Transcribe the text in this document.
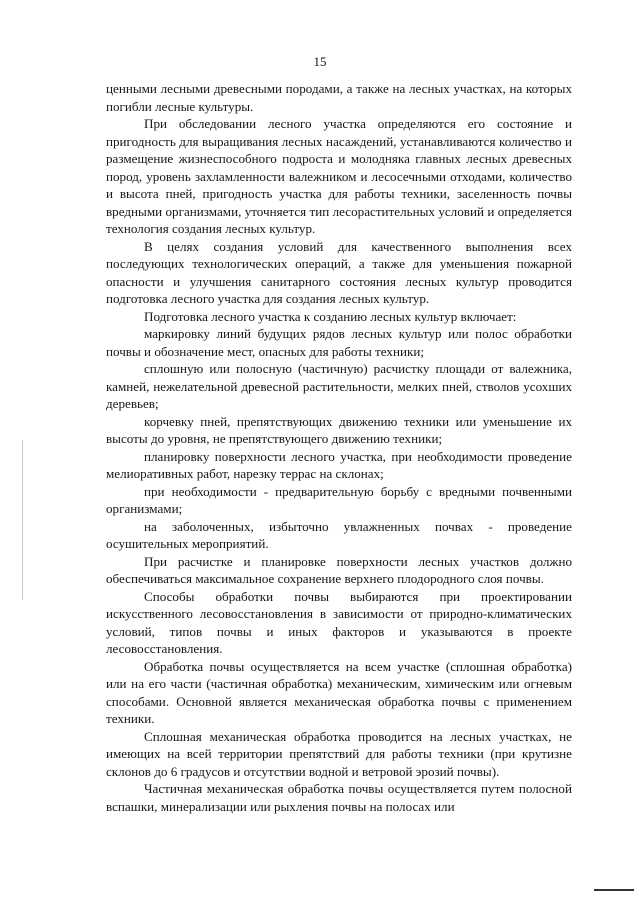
15

ценными лесными древесными породами, а также на лесных участках, на которых погибли лесные культуры.

При обследовании лесного участка определяются его состояние и пригодность для выращивания лесных насаждений, устанавливаются количество и размещение жизнеспособного подроста и молодняка главных лесных древесных пород, уровень захламленности валежником и лесосечными отходами, количество и высота пней, пригодность участка для работы техники, заселенность почвы вредными организмами, уточняется тип лесорастительных условий и определяется технология создания лесных культур.

В целях создания условий для качественного выполнения всех последующих технологических операций, а также для уменьшения пожарной опасности и улучшения санитарного состояния лесных культур проводится подготовка лесного участка для создания лесных культур.

Подготовка лесного участка к созданию лесных культур включает:

маркировку линий будущих рядов лесных культур или полос обработки почвы и обозначение мест, опасных для работы техники;

сплошную или полосную (частичную) расчистку площади от валежника, камней, нежелательной древесной растительности, мелких пней, стволов усохших деревьев;

корчевку пней, препятствующих движению техники или уменьшение их высоты до уровня, не препятствующего движению техники;

планировку поверхности лесного участка, при необходимости проведение мелиоративных работ, нарезку террас на склонах;

при необходимости - предварительную борьбу с вредными почвенными организмами;

на заболоченных, избыточно увлажненных почвах - проведение осушительных мероприятий.

При расчистке и планировке поверхности лесных участков должно обеспечиваться максимальное сохранение верхнего плодородного слоя почвы.

Способы обработки почвы выбираются при проектировании искусственного лесовосстановления в зависимости от природно-климатических условий, типов почвы и иных факторов и указываются в проекте лесовосстановления.

Обработка почвы осуществляется на всем участке (сплошная обработка) или на его части (частичная обработка) механическим, химическим или огневым способами. Основной является механическая обработка почвы с применением техники.

Сплошная механическая обработка проводится на лесных участках, не имеющих на всей территории препятствий для работы техники (при крутизне склонов до 6 градусов и отсутствии водной и ветровой эрозий почвы).

Частичная механическая обработка почвы осуществляется путем полосной вспашки, минерализации или рыхления почвы на полосах или
